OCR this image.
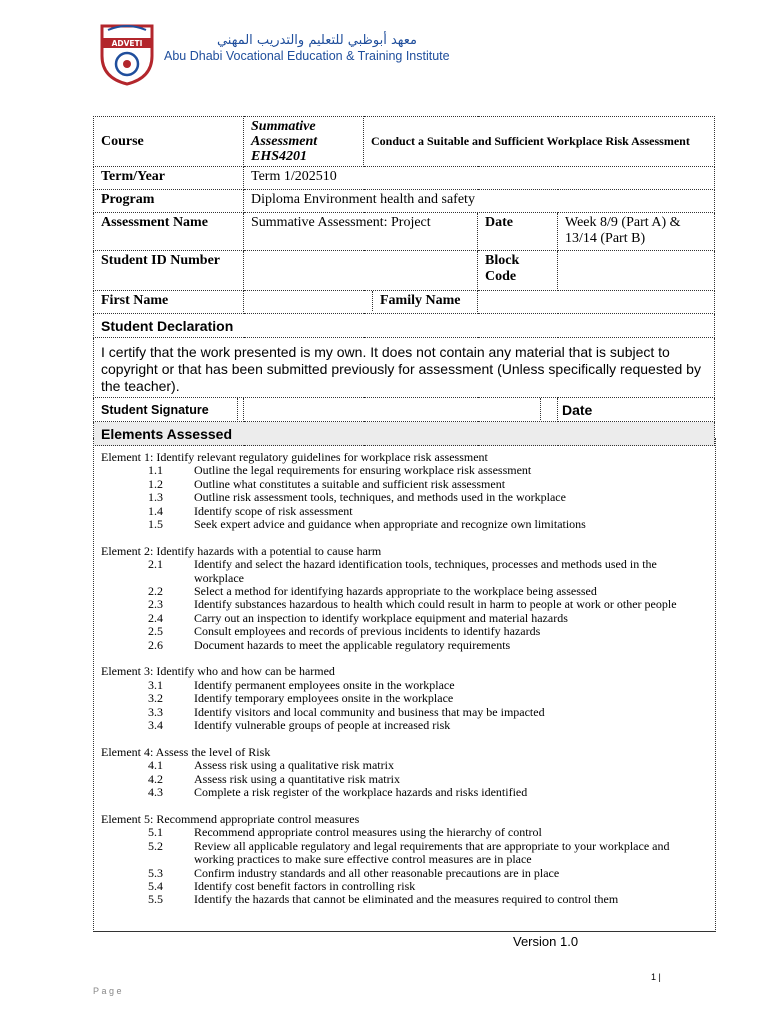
ADVETI	معهد أبوظبي للتعليم والتدريب المهني
Abu Dhabi Vocational Education & Training Institute
Course	Summative Assessment EHS4201	Conduct a Suitable and Sufficient Workplace Risk Assessment		
Term/Year	Term 1/202510			
Program	Diploma Environment health and safety			
Assessment Name	Summative Assessment: Project		Date	Week 8/9 (Part A) & 13/14 (Part B)
Student ID Number			Block Code	
First Name	Family Name			

Student Declaration				
I certify that the work presented is my own. It does not contain any material that is subject to copyright or that has been submitted previously for assessment (Unless specifically requested by the teacher).				
Student Signature				Date
Elements Assessed				
Element 1: Identify relevant regulatory guidelines for workplace risk assessment
1.1	Outline the legal requirements for ensuring workplace risk assessment
1.2	Outline what constitutes a suitable and sufficient risk assessment
1.3	Outline risk assessment tools, techniques, and methods used in the workplace
1.4	Identify scope of risk assessment
1.5	Seek expert advice and guidance when appropriate and recognize own limitations
Element 2: Identify hazards with a potential to cause harm
2.1	Identify and select the hazard identification tools, techniques, processes and methods used in the workplace
2.2	Select a method for identifying hazards appropriate to the workplace being assessed
2.3	Identify substances hazardous to health which could result in harm to people at work or other people
2.4	Carry out an inspection to identify workplace equipment and material hazards
2.5	Consult employees and records of previous incidents to identify hazards
2.6	Document hazards to meet the applicable regulatory requirements
Element 3: Identify who and how can be harmed
3.1	Identify permanent employees onsite in the workplace
3.2	Identify temporary employees onsite in the workplace
3.3	Identify visitors and local community and business that may be impacted
3.4	Identify vulnerable groups of people at increased risk
Element 4: Assess the level of Risk
4.1	Assess risk using a qualitative risk matrix
4.2	Assess risk using a quantitative risk matrix
4.3	Complete a risk register of the workplace hazards and risks identified
Element 5: Recommend appropriate control measures
5.1	Recommend appropriate control measures using the hierarchy of control
5.2	Review all applicable regulatory and legal requirements that are appropriate to your workplace and working practices to make sure effective control measures are in place
5.3	Confirm industry standards and all other reasonable precautions are in place
5.4	Identify cost benefit factors in controlling risk
5.5	Identify the hazards that cannot be eliminated and the measures required to control them
Version 1.0
1 |
Page
